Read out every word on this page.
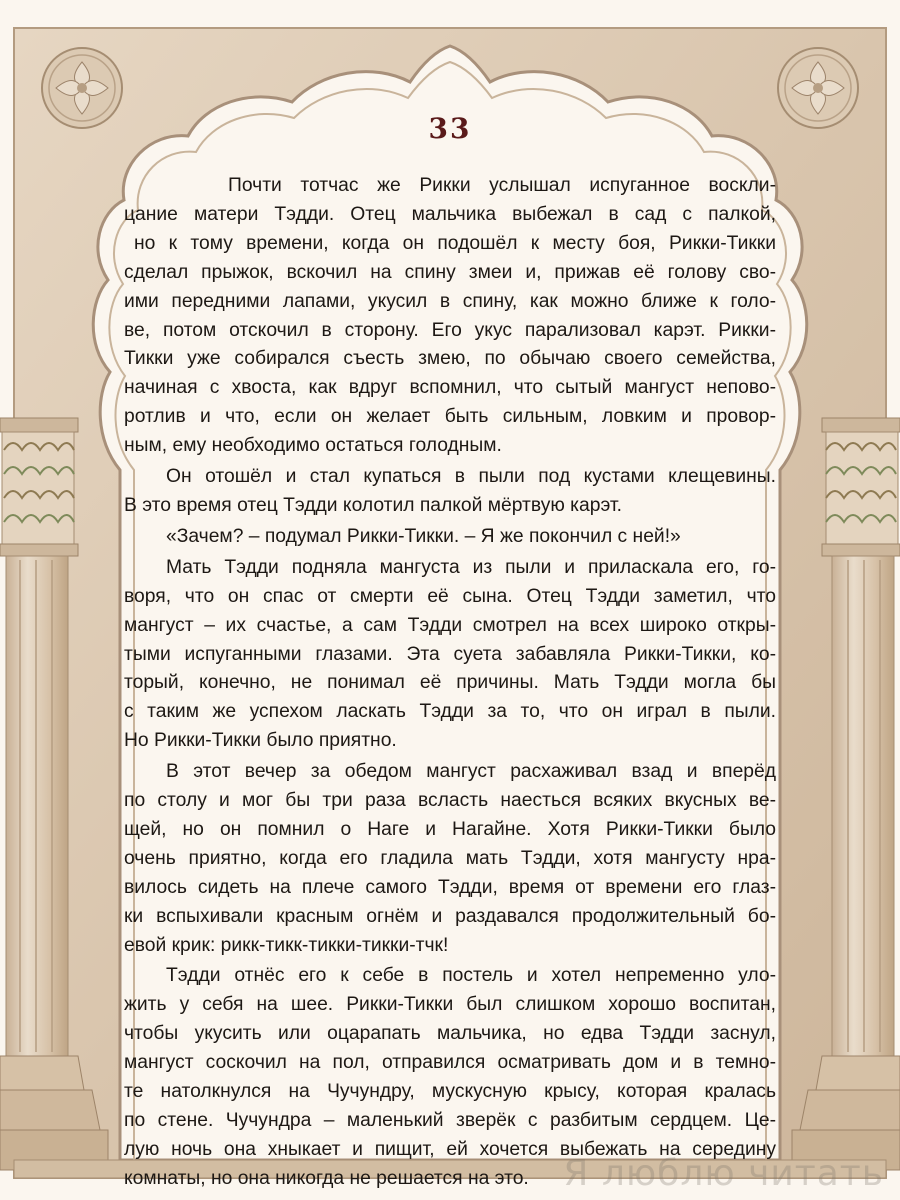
33
Почти тотчас же Рикки услышал испуганное воскли-
цание матери Тэдди. Отец мальчика выбежал в сад с палкой,
но к тому времени, когда он подошёл к месту боя, Рикки-Тикки
сделал прыжок, вскочил на спину змеи и, прижав её голову сво-
ими передними лапами, укусил в спину, как можно ближе к голо-
ве, потом отскочил в сторону. Его укус парализовал карэт. Рикки-
Тикки уже собирался съесть змею, по обычаю своего семейства,
начиная с хвоста, как вдруг вспомнил, что сытый мангуст непово-
ротлив и что, если он желает быть сильным, ловким и провор-
ным, ему необходимо остаться голодным.
Он отошёл и стал купаться в пыли под кустами клещевины.
В это время отец Тэдди колотил палкой мёртвую карэт.
«Зачем? – подумал Рикки-Тикки. – Я же покончил с ней!»
Мать Тэдди подняла мангуста из пыли и приласкала его, го-
воря, что он спас от смерти её сына. Отец Тэдди заметил, что
мангуст – их счастье, а сам Тэдди смотрел на всех широко откры-
тыми испуганными глазами. Эта суета забавляла Рикки-Тикки, ко-
торый, конечно, не понимал её причины. Мать Тэдди могла бы
с таким же успехом ласкать Тэдди за то, что он играл в пыли.
Но Рикки-Тикки было приятно.
В этот вечер за обедом мангуст расхаживал взад и вперёд
по столу и мог бы три раза всласть наесться всяких вкусных ве-
щей, но он помнил о Наге и Нагайне. Хотя Рикки-Тикки было
очень приятно, когда его гладила мать Тэдди, хотя мангусту нра-
вилось сидеть на плече самого Тэдди, время от времени его глаз-
ки вспыхивали красным огнём и раздавался продолжительный бо-
евой крик: рикк-тикк-тикки-тикки-тчк!
Тэдди отнёс его к себе в постель и хотел непременно уло-
жить у себя на шее. Рикки-Тикки был слишком хорошо воспитан,
чтобы укусить или оцарапать мальчика, но едва Тэдди заснул,
мангуст соскочил на пол, отправился осматривать дом и в темно-
те натолкнулся на Чучундру, мускусную крысу, которая кралась
по стене. Чучундра – маленький зверёк с разбитым сердцем. Це-
лую ночь она хныкает и пищит, ей хочется выбежать на середину
комнаты, но она никогда не решается на это. Я люблю читать
